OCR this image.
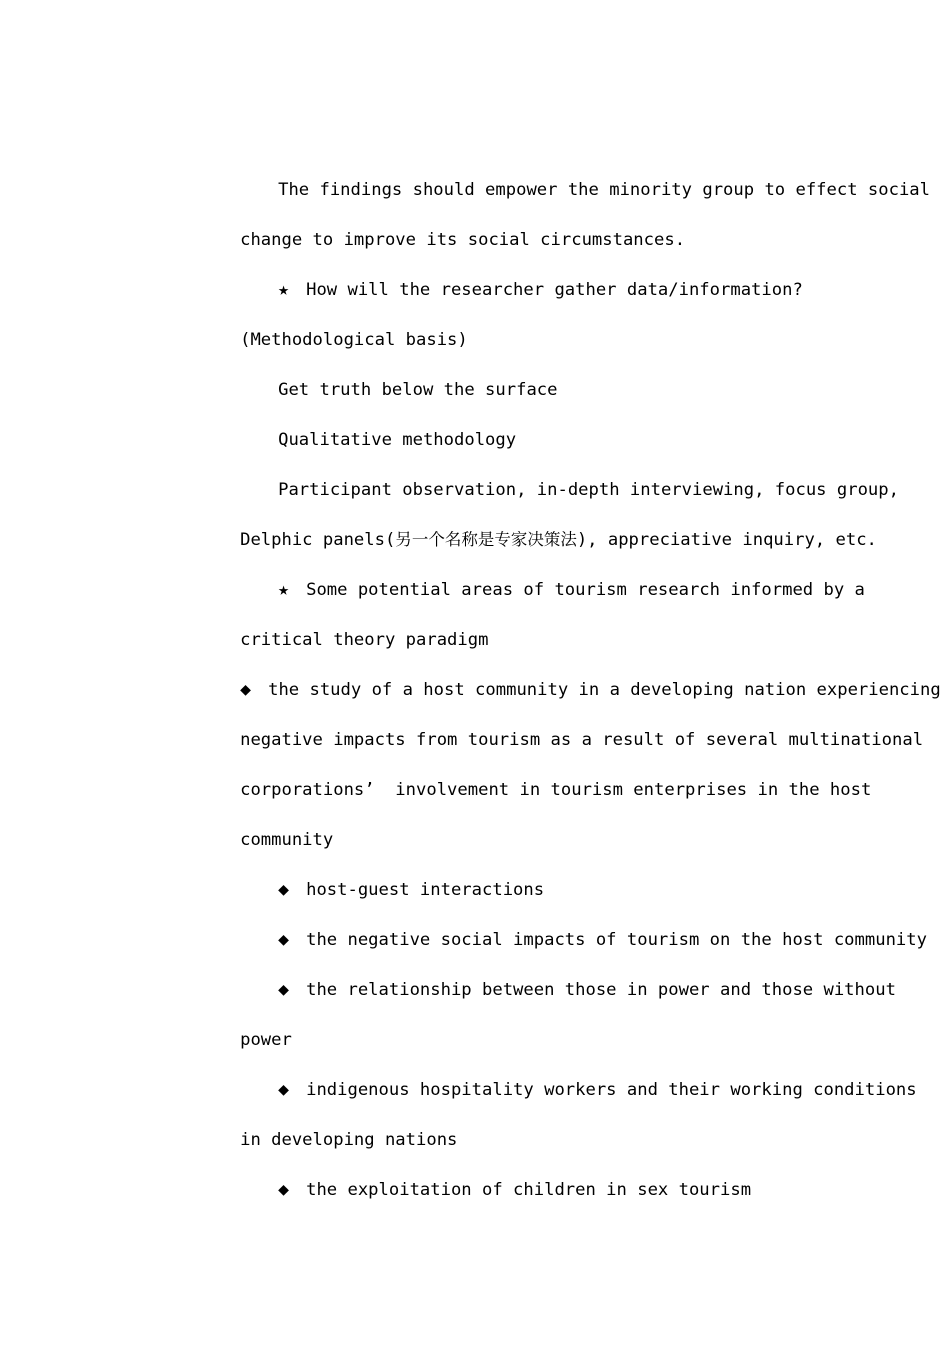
The findings should empower the minority group to effect social

change to improve its social circumstances.

★ How will the researcher gather data/information?

(Methodological basis)

Get truth below the surface

Qualitative methodology

Participant observation, in-depth interviewing, focus group,

Delphic panels(另一个名称是专家决策法), appreciative inquiry, etc.

★ Some potential areas of tourism research informed by a

critical theory paradigm

◆ the study of a host community in a developing nation experiencing

negative impacts from tourism as a result of several multinational

corporations’  involvement in tourism enterprises in the host

community

◆ host-guest interactions

◆ the negative social impacts of tourism on the host community

◆ the relationship between those in power and those without

power

◆ indigenous hospitality workers and their working conditions

in developing nations

◆ the exploitation of children in sex tourism
